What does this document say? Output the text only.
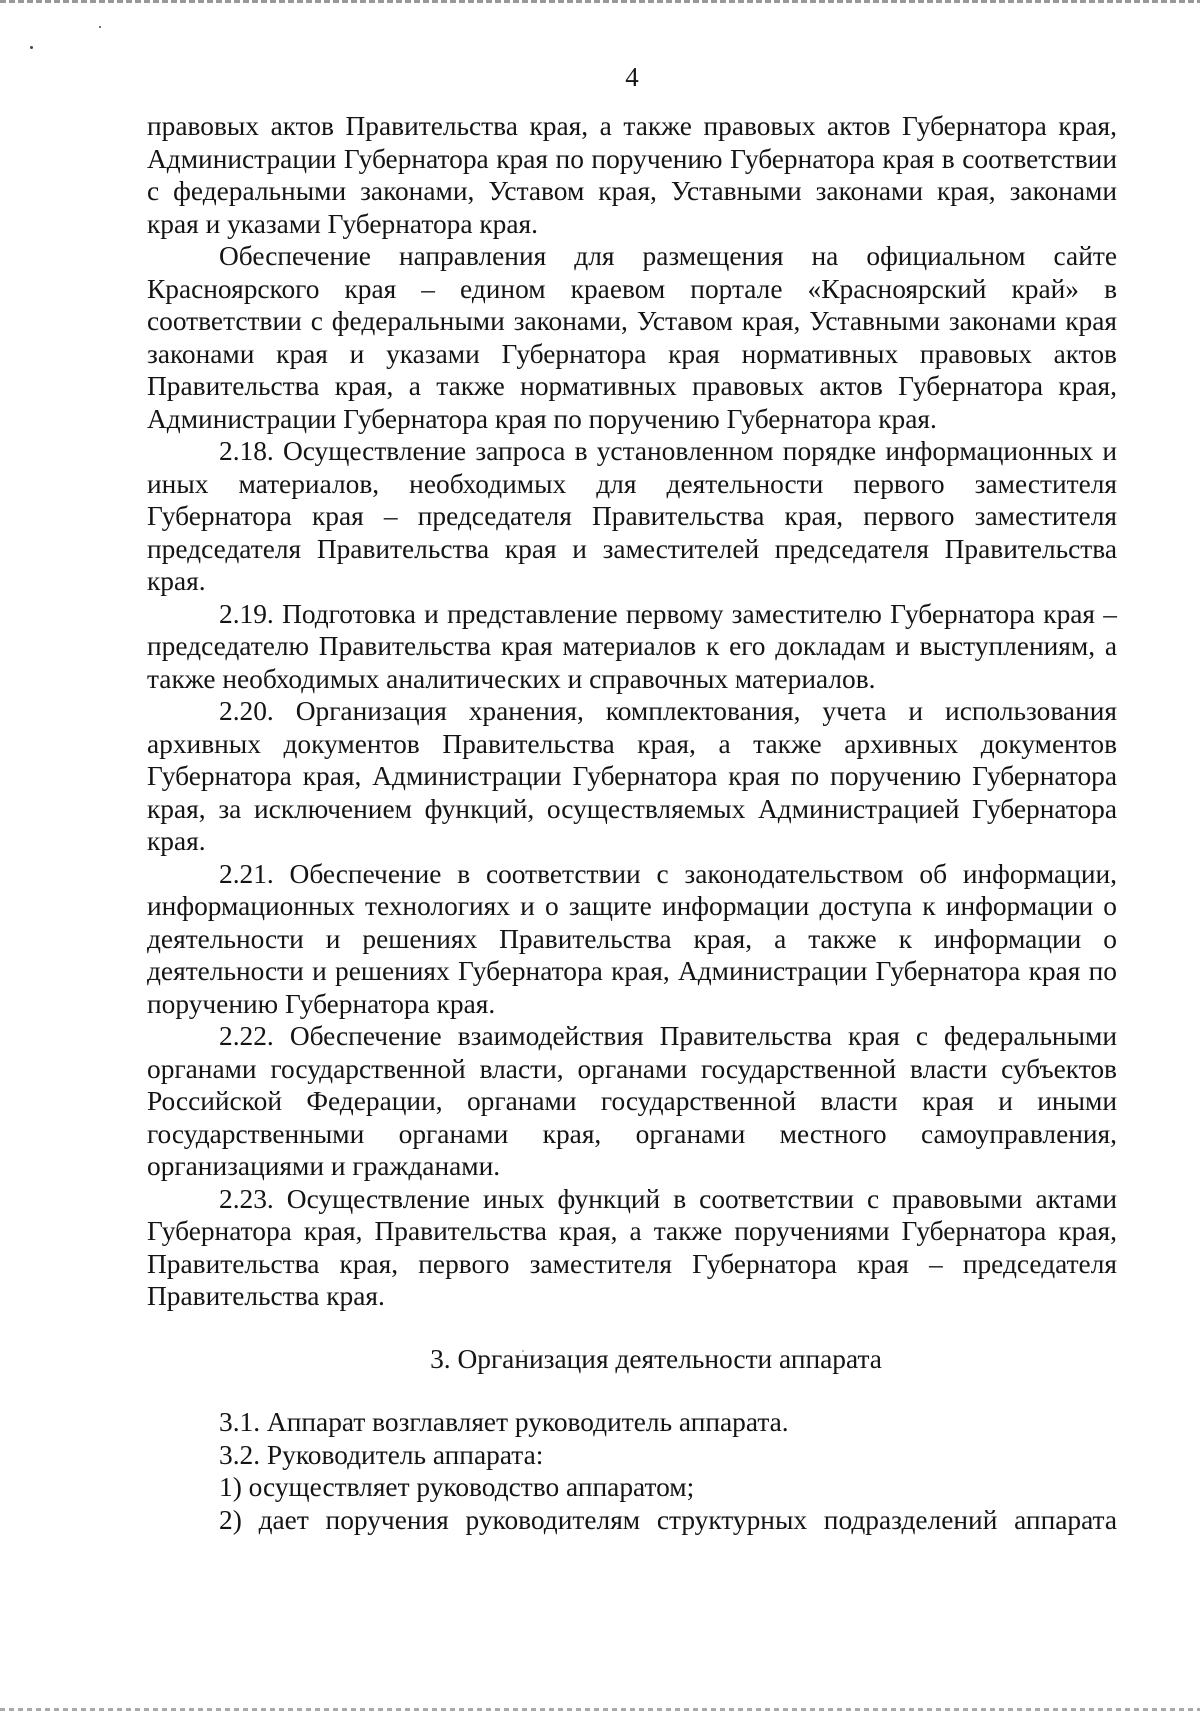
4

правовых актов Правительства края, а также правовых актов Губернатора края, Администрации Губернатора края по поручению Губернатора края в соответствии с федеральными законами, Уставом края, Уставными законами края, законами края и указами Губернатора края.

Обеспечение направления для размещения на официальном сайте Красноярского края – едином краевом портале «Красноярский край» в соответствии с федеральными законами, Уставом края, Уставными законами края законами края и указами Губернатора края нормативных правовых актов Правительства края, а также нормативных правовых актов Губернатора края, Администрации Губернатора края по поручению Губернатора края.

2.18. Осуществление запроса в установленном порядке информационных и иных материалов, необходимых для деятельности первого заместителя Губернатора края – председателя Правительства края, первого заместителя председателя Правительства края и заместителей председателя Правительства края.

2.19. Подготовка и представление первому заместителю Губернатора края – председателю Правительства края материалов к его докладам и выступлениям, а также необходимых аналитических и справочных материалов.

2.20. Организация хранения, комплектования, учета и использования архивных документов Правительства края, а также архивных документов Губернатора края, Администрации Губернатора края по поручению Губернатора края, за исключением функций, осуществляемых Администрацией Губернатора края.

2.21. Обеспечение в соответствии с законодательством об информации, информационных технологиях и о защите информации доступа к информации о деятельности и решениях Правительства края, а также к информации о деятельности и решениях Губернатора края, Администрации Губернатора края по поручению Губернатора края.

2.22. Обеспечение взаимодействия Правительства края с федеральными органами государственной власти, органами государственной власти субъектов Российской Федерации, органами государственной власти края и иными государственными органами края, органами местного самоуправления, организациями и гражданами.

2.23. Осуществление иных функций в соответствии с правовыми актами Губернатора края, Правительства края, а также поручениями Губернатора края, Правительства края, первого заместителя Губернатора края – председателя Правительства края.

3. Организация деятельности аппарата

3.1. Аппарат возглавляет руководитель аппарата.

3.2. Руководитель аппарата:

1) осуществляет руководство аппаратом;

2) дает поручения руководителям структурных подразделений аппарата
